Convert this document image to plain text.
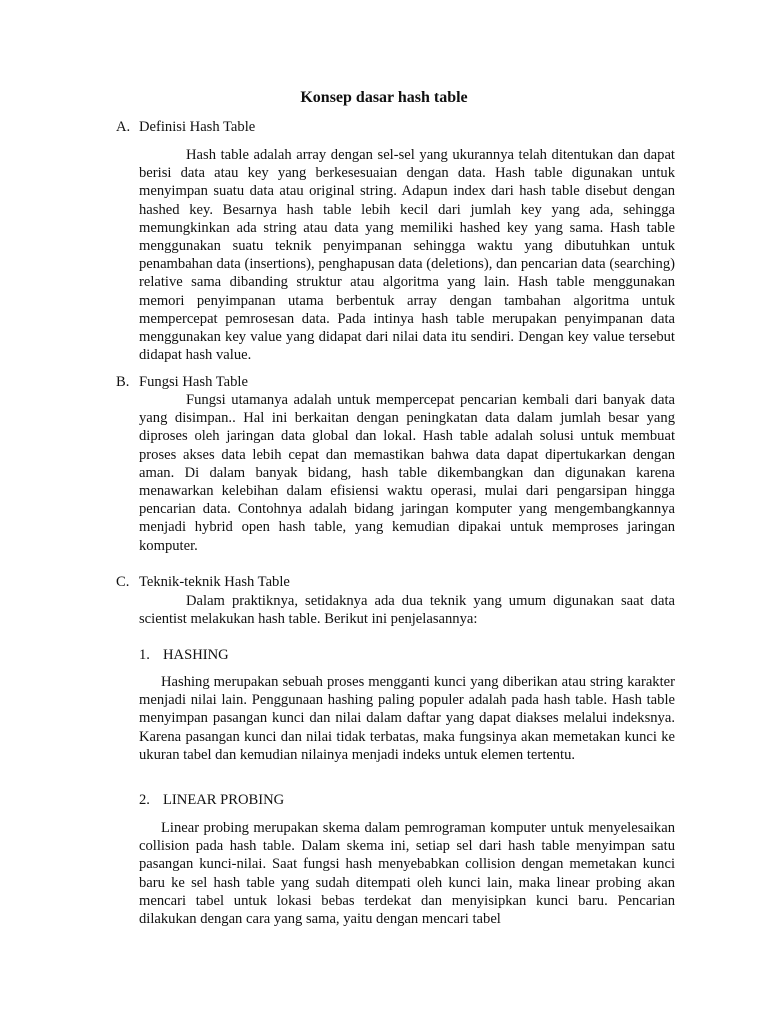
Konsep dasar hash table
A. Definisi Hash Table

Hash table adalah array dengan sel-sel yang ukurannya telah ditentukan dan dapat berisi data atau key yang berkesesuaian dengan data. Hash table digunakan untuk menyimpan suatu data atau original string. Adapun index dari hash table disebut dengan hashed key. Besarnya hash table lebih kecil dari jumlah key yang ada, sehingga memungkinkan ada string atau data yang memiliki hashed key yang sama. Hash table menggunakan suatu teknik penyimpanan sehingga waktu yang dibutuhkan untuk penambahan data (insertions), penghapusan data (deletions), dan pencarian data (searching) relative sama dibanding struktur atau algoritma yang lain. Hash table menggunakan memori penyimpanan utama berbentuk array dengan tambahan algoritma untuk mempercepat pemrosesan data. Pada intinya hash table merupakan penyimpanan data menggunakan key value yang didapat dari nilai data itu sendiri. Dengan key value tersebut didapat hash value.

B. Fungsi Hash Table

Fungsi utamanya adalah untuk mempercepat pencarian kembali dari banyak data yang disimpan.. Hal ini berkaitan dengan peningkatan data dalam jumlah besar yang diproses oleh jaringan data global dan lokal. Hash table adalah solusi untuk membuat proses akses data lebih cepat dan memastikan bahwa data dapat dipertukarkan dengan aman. Di dalam banyak bidang, hash table dikembangkan dan digunakan karena menawarkan kelebihan dalam efisiensi waktu operasi, mulai dari pengarsipan hingga pencarian data. Contohnya adalah bidang jaringan komputer yang mengembangkannya menjadi hybrid open hash table, yang kemudian dipakai untuk memproses jaringan komputer.

C. Teknik-teknik Hash Table

Dalam praktiknya, setidaknya ada dua teknik yang umum digunakan saat data scientist melakukan hash table. Berikut ini penjelasannya:

1. HASHING

Hashing merupakan sebuah proses mengganti kunci yang diberikan atau string karakter menjadi nilai lain. Penggunaan hashing paling populer adalah pada hash table. Hash table menyimpan pasangan kunci dan nilai dalam daftar yang dapat diakses melalui indeksnya. Karena pasangan kunci dan nilai tidak terbatas, maka fungsinya akan memetakan kunci ke ukuran tabel dan kemudian nilainya menjadi indeks untuk elemen tertentu.

2. LINEAR PROBING

Linear probing merupakan skema dalam pemrograman komputer untuk menyelesaikan collision pada hash table. Dalam skema ini, setiap sel dari hash table menyimpan satu pasangan kunci-nilai. Saat fungsi hash menyebabkan collision dengan memetakan kunci baru ke sel hash table yang sudah ditempati oleh kunci lain, maka linear probing akan mencari tabel untuk lokasi bebas terdekat dan menyisipkan kunci baru. Pencarian dilakukan dengan cara yang sama, yaitu dengan mencari tabel
